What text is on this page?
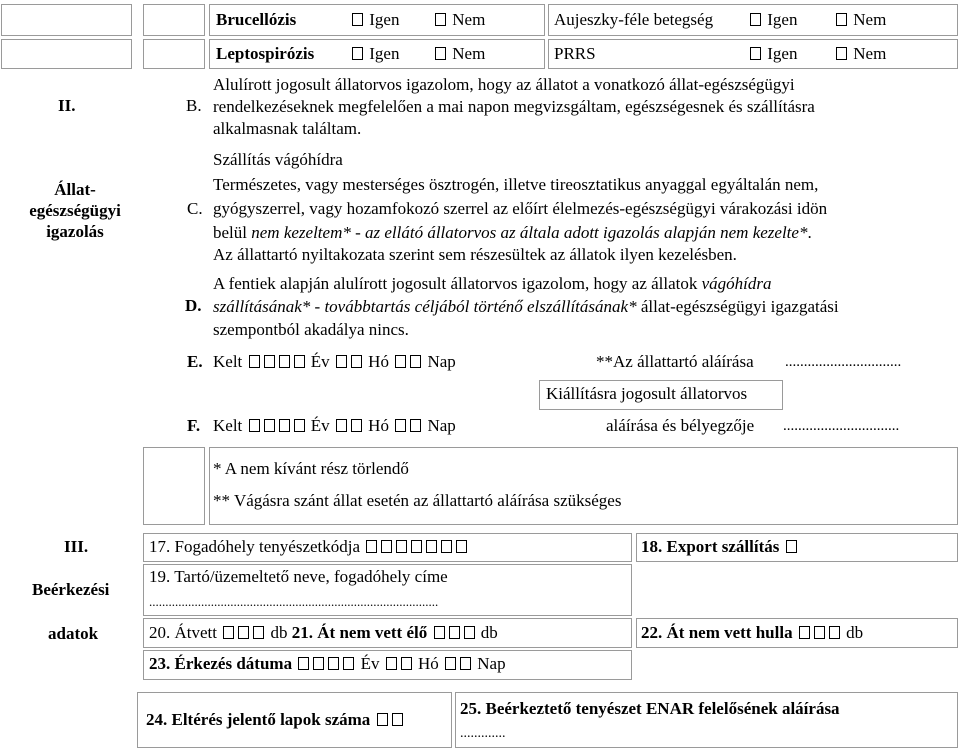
Brucellózis	Igen	Nem	Aujeszky-féle betegség	Igen	Nem
Leptospirózis	Igen	Nem	PRRS	Igen	Nem
II.
Állat-
egészségügyi
igazolás
B.
Alulírott jogosult állatorvos igazolom, hogy az állatot a vonatkozó állat-egészségügyi
rendelkezéseknek megfelelően a mai napon megvizsgáltam, egészségesnek és szállításra
alkalmasnak találtam.
C.
Szállítás vágóhídra
Természetes, vagy mesterséges ösztrogén, illetve tireosztatikus anyaggal egyáltalán nem,
gyógyszerrel, vagy hozamfokozó szerrel az előírt élelmezés-egészségügyi várakozási idön
belül nem kezeltem* - az ellátó állatorvos az általa adott igazolás alapján nem kezelte*.
Az állattartó nyiltakozata szerint sem részesültek az állatok ilyen kezelésben.
D.
A fentiek alapján alulírott jogosult állatorvos igazolom, hogy az állatok vágóhídra
szállításának* - továbbtartás céljából történő elszállításának* állat-egészségügyi igazgatási
szempontból akadálya nincs.
E. Kelt	Év Hó Nap	**Az állattartó aláírása ...............................
Kiállításra jogosult állatorvos
F. Kelt	Év Hó Nap	aláírása és bélyegzője ...............................
* A nem kívánt rész törlendő
** Vágásra szánt állat esetén az állattartó aláírása szükséges
III.
Beérkezési
adatok
17. Fogadóhely tenyészetkódja	18. Export szállítás
19. Tartó/üzemeltető neve, fogadóhely címe
.........................................................................................
20. Átvett	db 21. Át nem vett élő	db	22. Át nem vett hulla	db
23. Érkezés dátuma	Év Hó Nap
24. Eltérés jelentő lapok száma
25. Beérkeztető tenyészet ENAR felelősének aláírása
.............
